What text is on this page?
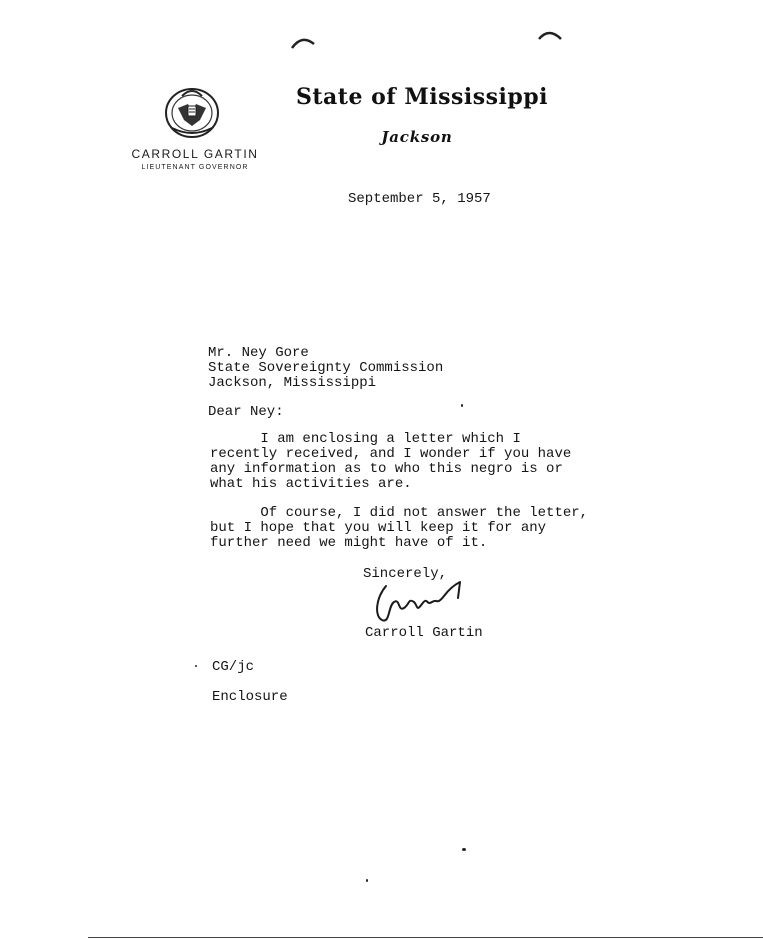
CARROLL GARTIN
LIEUTENANT GOVERNOR
State of Mississippi
Jackson
September 5, 1957
Mr. Ney Gore
State Sovereignty Commission
Jackson, Mississippi
Dear Ney:
I am enclosing a letter which I
recently received, and I wonder if you have
any information as to who this negro is or
what his activities are.
Of course, I did not answer the letter,
but I hope that you will keep it for any
further need we might have of it.
Sincerely,
Carroll Gartin
CG/jc
Enclosure
